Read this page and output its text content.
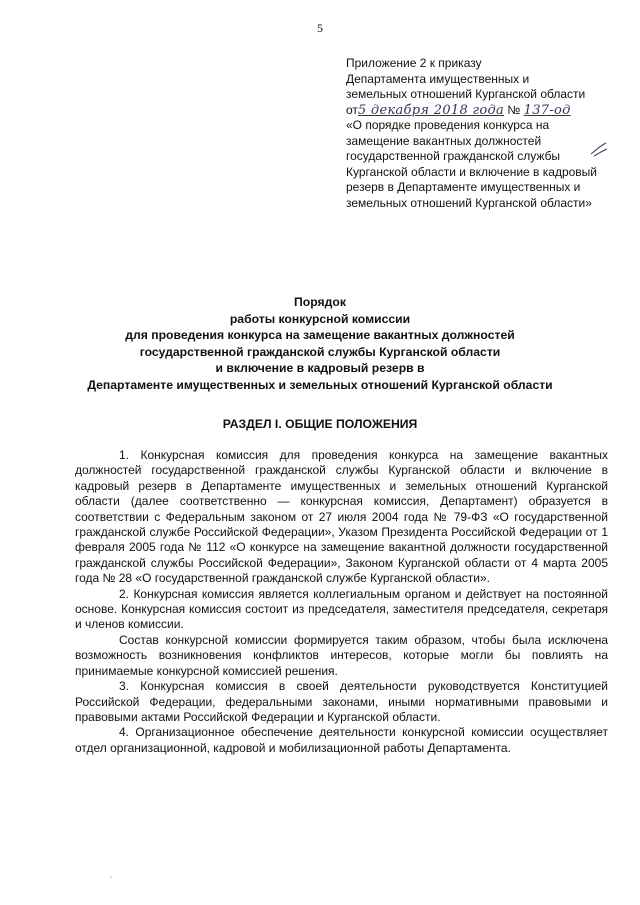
5
Приложение 2 к приказу
Департамента имущественных и
земельных отношений Курганской области
от5 декабря 2018 года № 137-од
«О порядке проведения конкурса на замещение вакантных должностей государственной гражданской службы Курганской области и включение в кадровый резерв в Департаменте имущественных и земельных отношений Курганской области»
Порядок
работы конкурсной комиссии
для проведения конкурса на замещение вакантных должностей
государственной гражданской службы Курганской области
и включение в кадровый резерв в
Департаменте имущественных и земельных отношений Курганской области
РАЗДЕЛ I. ОБЩИЕ ПОЛОЖЕНИЯ

1. Конкурсная комиссия для проведения конкурса на замещение вакантных должностей государственной гражданской службы Курганской области и включение в кадровый резерв в Департаменте имущественных и земельных отношений Курганской области (далее соответственно — конкурсная комиссия, Департамент) образуется в соответствии с Федеральным законом от 27 июля 2004 года № 79-ФЗ «О государственной гражданской службе Российской Федерации», Указом Президента Российской Федерации от 1 февраля 2005 года № 112 «О конкурсе на замещение вакантной должности государственной гражданской службы Российской Федерации», Законом Курганской области от 4 марта 2005 года № 28 «О государственной гражданской службе Курганской области».

2. Конкурсная комиссия является коллегиальным органом и действует на постоянной основе. Конкурсная комиссия состоит из председателя, заместителя председателя, секретаря и членов комиссии.

Состав конкурсной комиссии формируется таким образом, чтобы была исключена возможность возникновения конфликтов интересов, которые могли бы повлиять на принимаемые конкурсной комиссией решения.

3. Конкурсная комиссия в своей деятельности руководствуется Конституцией Российской Федерации, федеральными законами, иными нормативными правовыми и правовыми актами Российской Федерации и Курганской области.

4. Организационное обеспечение деятельности конкурсной комиссии осуществляет отдел организационной, кадровой и мобилизационной работы Департамента.
